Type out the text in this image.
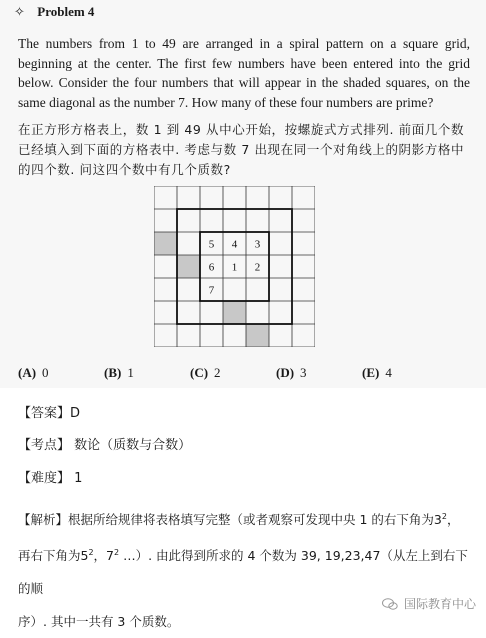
✧ Problem 4

The numbers from 1 to 49 are arranged in a spiral pattern on a square grid, beginning at the center. The first few numbers have been entered into the grid below. Consider the four numbers that will appear in the shaded squares, on the same diagonal as the number 7. How many of these four numbers are prime?

在正方形方格表上，数 1 到 49 从中心开始，按螺旋式方式排列. 前面几个数已经填入到下面的方格表中. 考虑与数 7 出现在同一个对角线上的阴影方格中的四个数. 问这四个数中有几个质数?

5 4 3
6 1 2
7
(A) 0	(B) 1	(C) 2	(D) 3	(E) 4
【答案】D
【考点】 数论（质数与合数）
【难度】 1
【解析】根据所给规律将表格填写完整（或者观察可发现中央 1 的右下角为$3^2$，
再右下角为$5^2$，$7^2$ …）. 由此得到所求的 4 个数为 39, 19,23,47（从左上到右下的顺
序）. 其中一共有 3 个质数。
国际教育中心
